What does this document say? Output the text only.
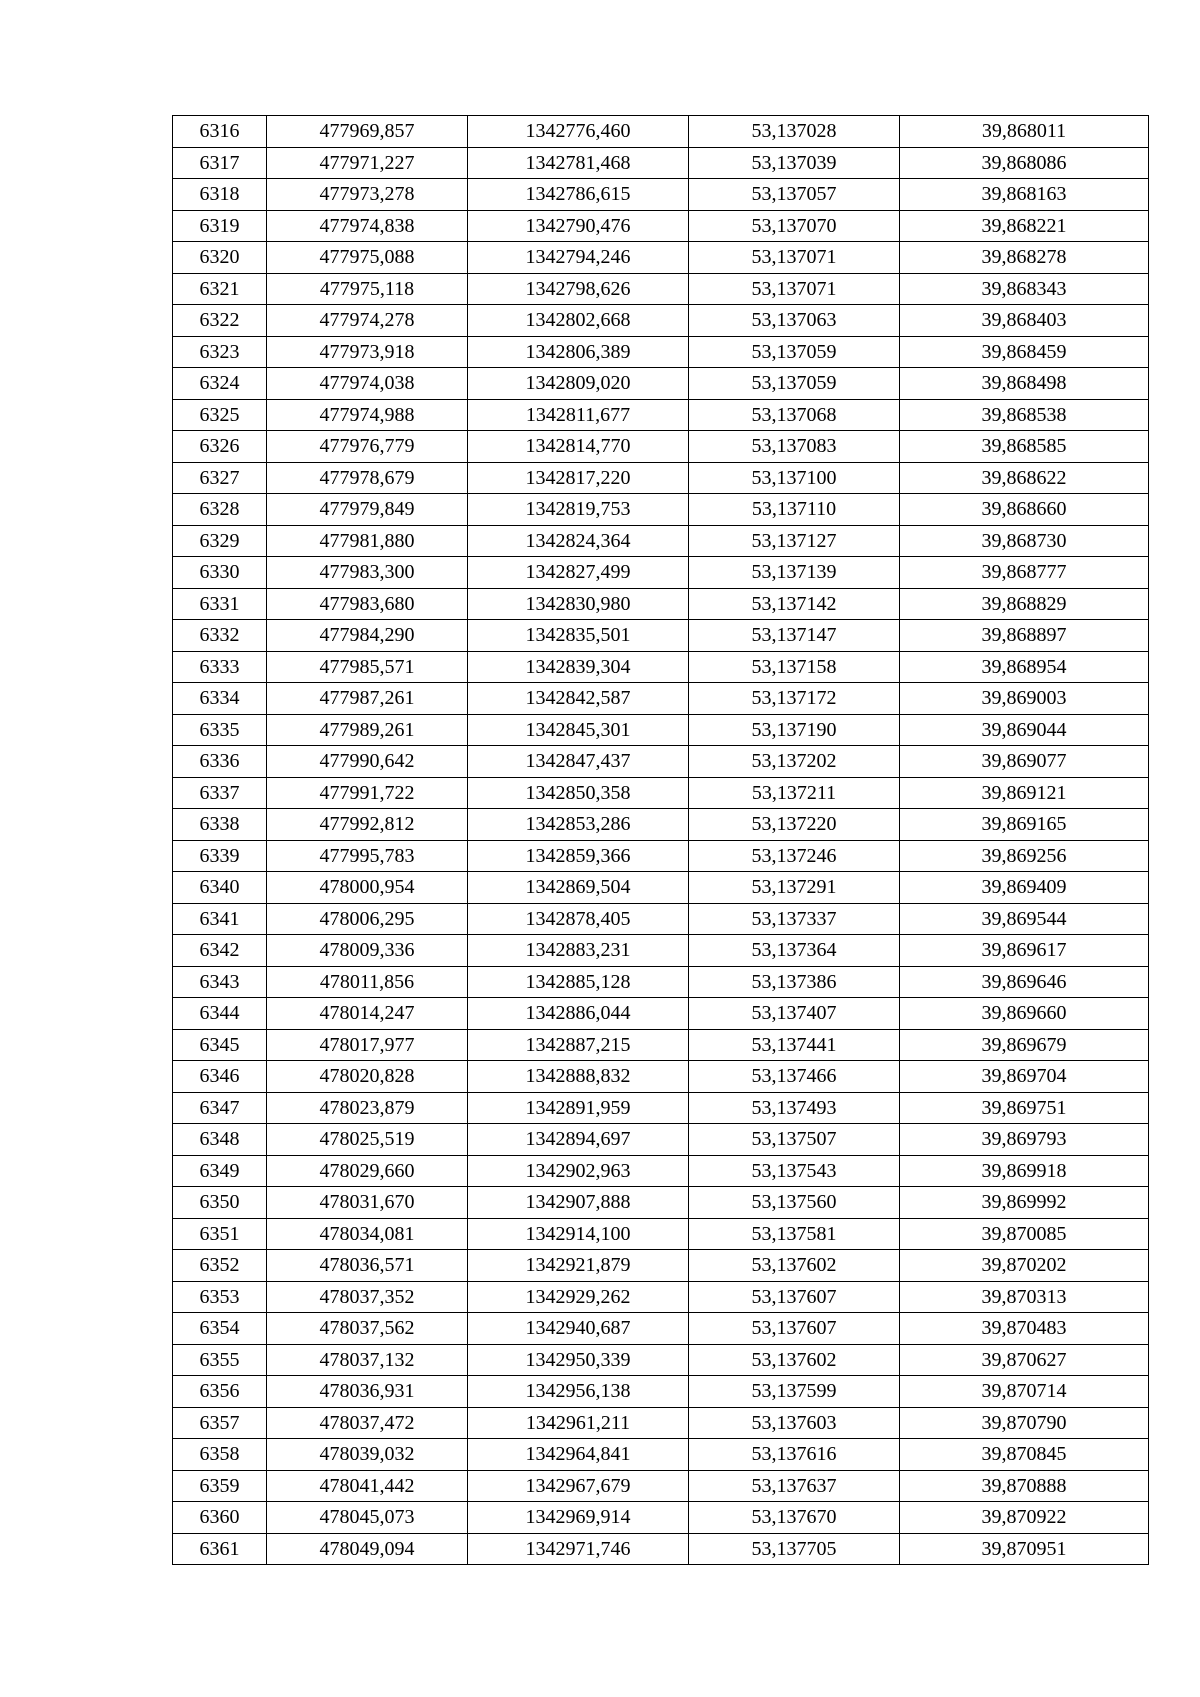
6316	477969,857	1342776,460	53,137028	39,868011
6317	477971,227	1342781,468	53,137039	39,868086
6318	477973,278	1342786,615	53,137057	39,868163
6319	477974,838	1342790,476	53,137070	39,868221
6320	477975,088	1342794,246	53,137071	39,868278
6321	477975,118	1342798,626	53,137071	39,868343
6322	477974,278	1342802,668	53,137063	39,868403
6323	477973,918	1342806,389	53,137059	39,868459
6324	477974,038	1342809,020	53,137059	39,868498
6325	477974,988	1342811,677	53,137068	39,868538
6326	477976,779	1342814,770	53,137083	39,868585
6327	477978,679	1342817,220	53,137100	39,868622
6328	477979,849	1342819,753	53,137110	39,868660
6329	477981,880	1342824,364	53,137127	39,868730
6330	477983,300	1342827,499	53,137139	39,868777
6331	477983,680	1342830,980	53,137142	39,868829
6332	477984,290	1342835,501	53,137147	39,868897
6333	477985,571	1342839,304	53,137158	39,868954
6334	477987,261	1342842,587	53,137172	39,869003
6335	477989,261	1342845,301	53,137190	39,869044
6336	477990,642	1342847,437	53,137202	39,869077
6337	477991,722	1342850,358	53,137211	39,869121
6338	477992,812	1342853,286	53,137220	39,869165
6339	477995,783	1342859,366	53,137246	39,869256
6340	478000,954	1342869,504	53,137291	39,869409
6341	478006,295	1342878,405	53,137337	39,869544
6342	478009,336	1342883,231	53,137364	39,869617
6343	478011,856	1342885,128	53,137386	39,869646
6344	478014,247	1342886,044	53,137407	39,869660
6345	478017,977	1342887,215	53,137441	39,869679
6346	478020,828	1342888,832	53,137466	39,869704
6347	478023,879	1342891,959	53,137493	39,869751
6348	478025,519	1342894,697	53,137507	39,869793
6349	478029,660	1342902,963	53,137543	39,869918
6350	478031,670	1342907,888	53,137560	39,869992
6351	478034,081	1342914,100	53,137581	39,870085
6352	478036,571	1342921,879	53,137602	39,870202
6353	478037,352	1342929,262	53,137607	39,870313
6354	478037,562	1342940,687	53,137607	39,870483
6355	478037,132	1342950,339	53,137602	39,870627
6356	478036,931	1342956,138	53,137599	39,870714
6357	478037,472	1342961,211	53,137603	39,870790
6358	478039,032	1342964,841	53,137616	39,870845
6359	478041,442	1342967,679	53,137637	39,870888
6360	478045,073	1342969,914	53,137670	39,870922
6361	478049,094	1342971,746	53,137705	39,870951
